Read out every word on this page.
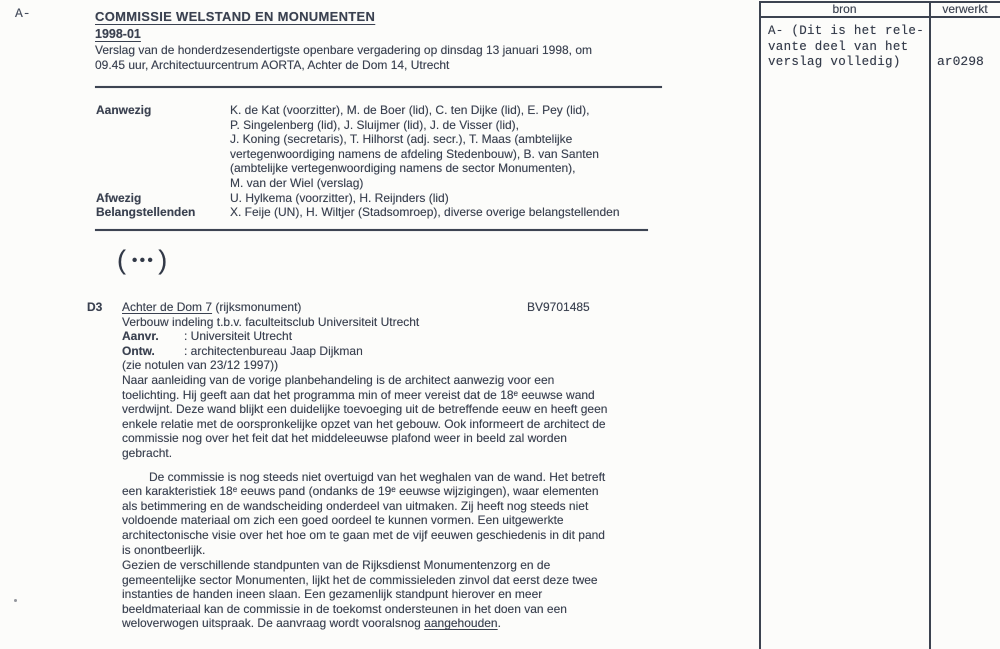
A-	COMMISSIE WELSTAND EN MONUMENTEN
1998-01
Verslag van de honderdzesendertigste openbare vergadering op dinsdag 13 januari 1998, om
09.45 uur, Architectuurcentrum AORTA, Achter de Dom 14, Utrecht
Aanwezig	K. de Kat (voorzitter), M. de Boer (lid), C. ten Dijke (lid), E. Pey (lid),
P. Singelenberg (lid), J. Sluijmer (lid), J. de Visser (lid),
J. Koning (secretaris), T. Hilhorst (adj. secr.), T. Maas (ambtelijke
vertegenwoordiging namens de afdeling Stedenbouw), B. van Santen
(ambtelijke vertegenwoordiging namens de sector Monumenten),
M. van der Wiel (verslag)
Afwezig	U. Hylkema (voorzitter), H. Reijnders (lid)
Belangstellenden	X. Feije (UN), H. Wiltjer (Stadsomroep), diverse overige belangstellenden
( ••• )
D3	Achter de Dom 7 (rijksmonument)	BV9701485
Verbouw indeling t.b.v. faculteitsclub Universiteit Utrecht
Aanvr. : Universiteit Utrecht
Ontw. : architectenbureau Jaap Dijkman
(zie notulen van 23/12 1997))

Naar aanleiding van de vorige planbehandeling is de architect aanwezig voor een
toelichting. Hij geeft aan dat het programma min of meer vereist dat de 18ᵉ eeuwse wand
verdwijnt. Deze wand blijkt een duidelijke toevoeging uit de betreffende eeuw en heeft geen
enkele relatie met de oorspronkelijke opzet van het gebouw. Ook informeert de architect de
commissie nog over het feit dat het middeleeuwse plafond weer in beeld zal worden
gebracht.

De commissie is nog steeds niet overtuigd van het weghalen van de wand. Het betreft
een karakteristiek 18ᵉ eeuws pand (ondanks de 19ᵉ eeuwse wijzigingen), waar elementen
als betimmering en de wandscheiding onderdeel van uitmaken. Zij heeft nog steeds niet
voldoende materiaal om zich een goed oordeel te kunnen vormen. Een uitgewerkte
architectonische visie over het hoe om te gaan met de vijf eeuwen geschiedenis in dit pand
is onontbeerlijk.

Gezien de verschillende standpunten van de Rijksdienst Monumentenzorg en de
gemeentelijke sector Monumenten, lijkt het de commissieleden zinvol dat eerst deze twee
instanties de handen ineen slaan. Een gezamenlijk standpunt hierover en meer
beeldmateriaal kan de commissie in de toekomst ondersteunen in het doen van een
weloverwogen uitspraak. De aanvraag wordt vooralsnog aangehouden.

bron	verwerkt
A- (Dit is het rele-
vante deel van het
verslag volledig)	ar0298
